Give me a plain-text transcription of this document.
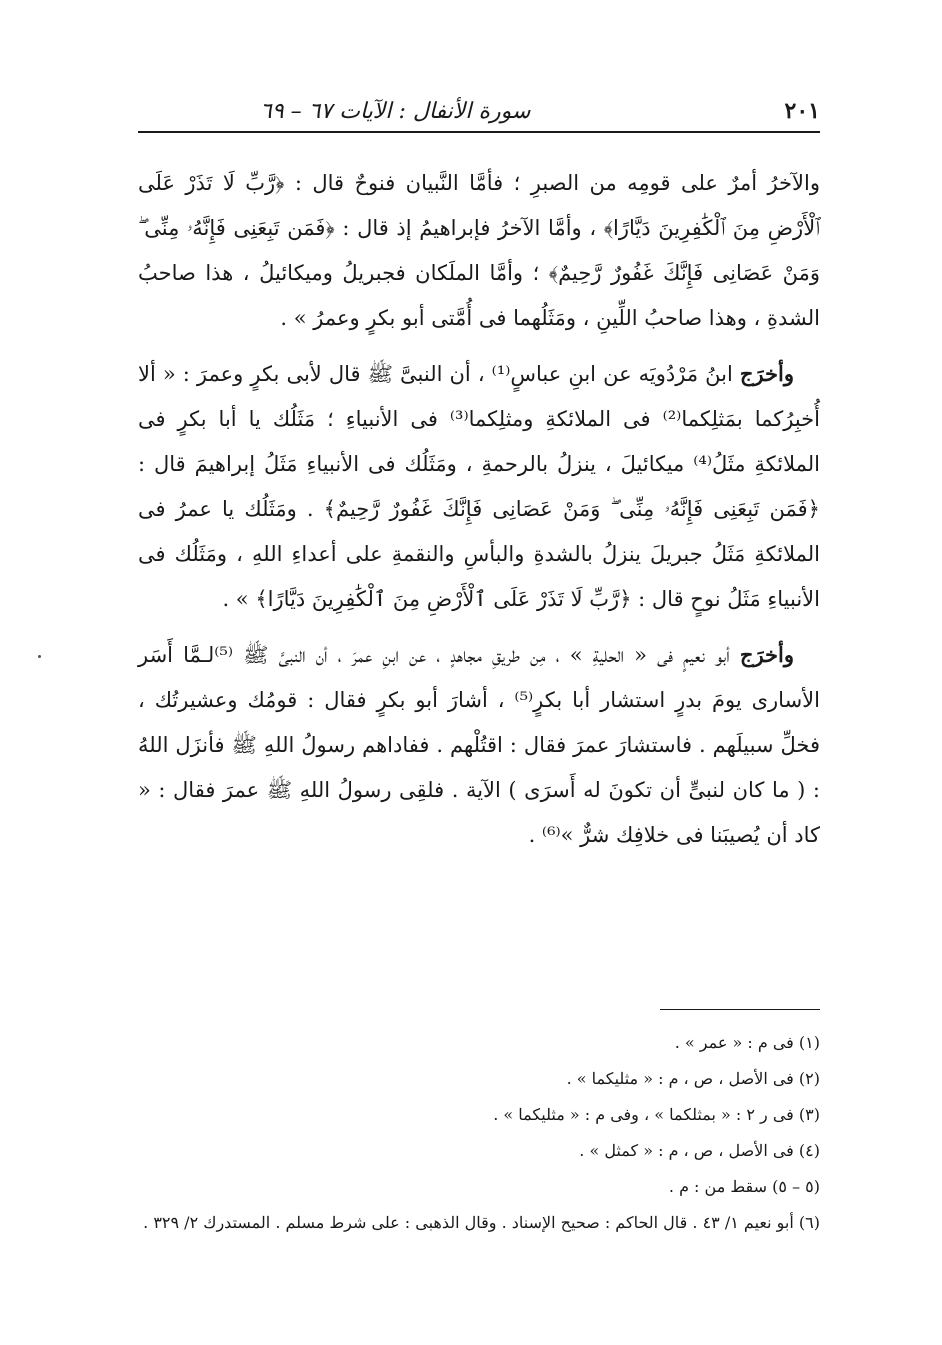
٢٠١
سورة الأنفال : الآيات ٦٧ – ٦٩

والآخرُ أمرٌ على قومِه من الصبرِ ؛ فأمَّا النَّبيان فنوحٌ قال : ﴿رَّبِّ لَا تَذَرْ عَلَى ٱلْأَرْضِ مِنَ ٱلْكَٰفِرِينَ دَيَّارًا﴾ ، وأمَّا الآخرُ فإبراهيمُ إذ قال : ﴿فَمَن تَبِعَنِى فَإِنَّهُۥ مِنِّى ۖ وَمَنْ عَصَانِى فَإِنَّكَ غَفُورٌ رَّحِيمٌ﴾ ؛ وأمَّا الملَكان فجبريلُ وميكائيلُ ، هذا صاحبُ الشدةِ ، وهذا صاحبُ اللِّينِ ، ومَثَلُهما فى أُمَّتى أبو بكرٍ وعمرُ » .

وأخرَج ابنُ مَرْدُويَه عن ابنِ عباسٍ⁽¹⁾ ، أن النبىَّ ﷺ قال لأبى بكرٍ وعمرَ : « ألا أُخبِرُكما بمَثلِكما⁽²⁾ فى الملائكةِ ومثلِكما⁽³⁾ فى الأنبياءِ ؛ مَثَلُك يا أبا بكرٍ فى الملائكةِ مثَلُ⁽⁴⁾ ميكائيلَ ، ينزلُ بالرحمةِ ، ومَثَلُك فى الأنبياءِ مَثَلُ إبراهيمَ قال : ﴿فَمَن تَبِعَنِى فَإِنَّهُۥ مِنِّى ۖ وَمَنْ عَصَانِى فَإِنَّكَ غَفُورٌ رَّحِيمٌ﴾ . ومَثَلُك يا عمرُ فى الملائكةِ مَثَلُ جبريلَ ينزلُ بالشدةِ والبأسِ والنقمةِ على أعداءِ اللهِ ، ومَثَلُك فى الأنبياءِ مَثَلُ نوحٍ قال : ﴿رَّبِّ لَا تَذَرْ عَلَى ٱلْأَرْضِ مِنَ ٱلْكَٰفِرِينَ دَيَّارًا﴾ » .

وأخرَج أبو نعيمٍ فى « الحليةِ » ، مِن طريقِ مجاهدٍ ، عن ابنِ عمرَ ، أن النبىَّ ﷺ ⁽⁵⁾لـمَّا أَسَر الأسارى يومَ بدرٍ استشار أبا بكرٍ⁽⁵⁾ ، أشارَ أبو بكرٍ فقال : قومُك وعشيرتُك ، فخلِّ سبيلَهم . فاستشارَ عمرَ فقال : اقتُلْهم . ففاداهم رسولُ اللهِ ﷺ فأنزَل اللهُ : ( ما كان لنبىٍّ أن تكونَ له أَسرَى ) الآية . فلقِى رسولُ اللهِ ﷺ عمرَ فقال : « كاد أن يُصيبَنا فى خلافِك شرٌّ »⁽⁶⁾ .

(١) فى م : « عمر » .
(٢) فى الأصل ، ص ، م : « مثليكما » .
(٣) فى ر ٢ : « بمثلكما » ، وفى م : « مثليكما » .
(٤) فى الأصل ، ص ، م : « كمثل » .
(٥ – ٥) سقط من : م .
(٦) أبو نعيم ١/ ٤٣ . قال الحاكم : صحيح الإسناد . وقال الذهبى : على شرط مسلم . المستدرك ٢/ ٣٢٩ .
